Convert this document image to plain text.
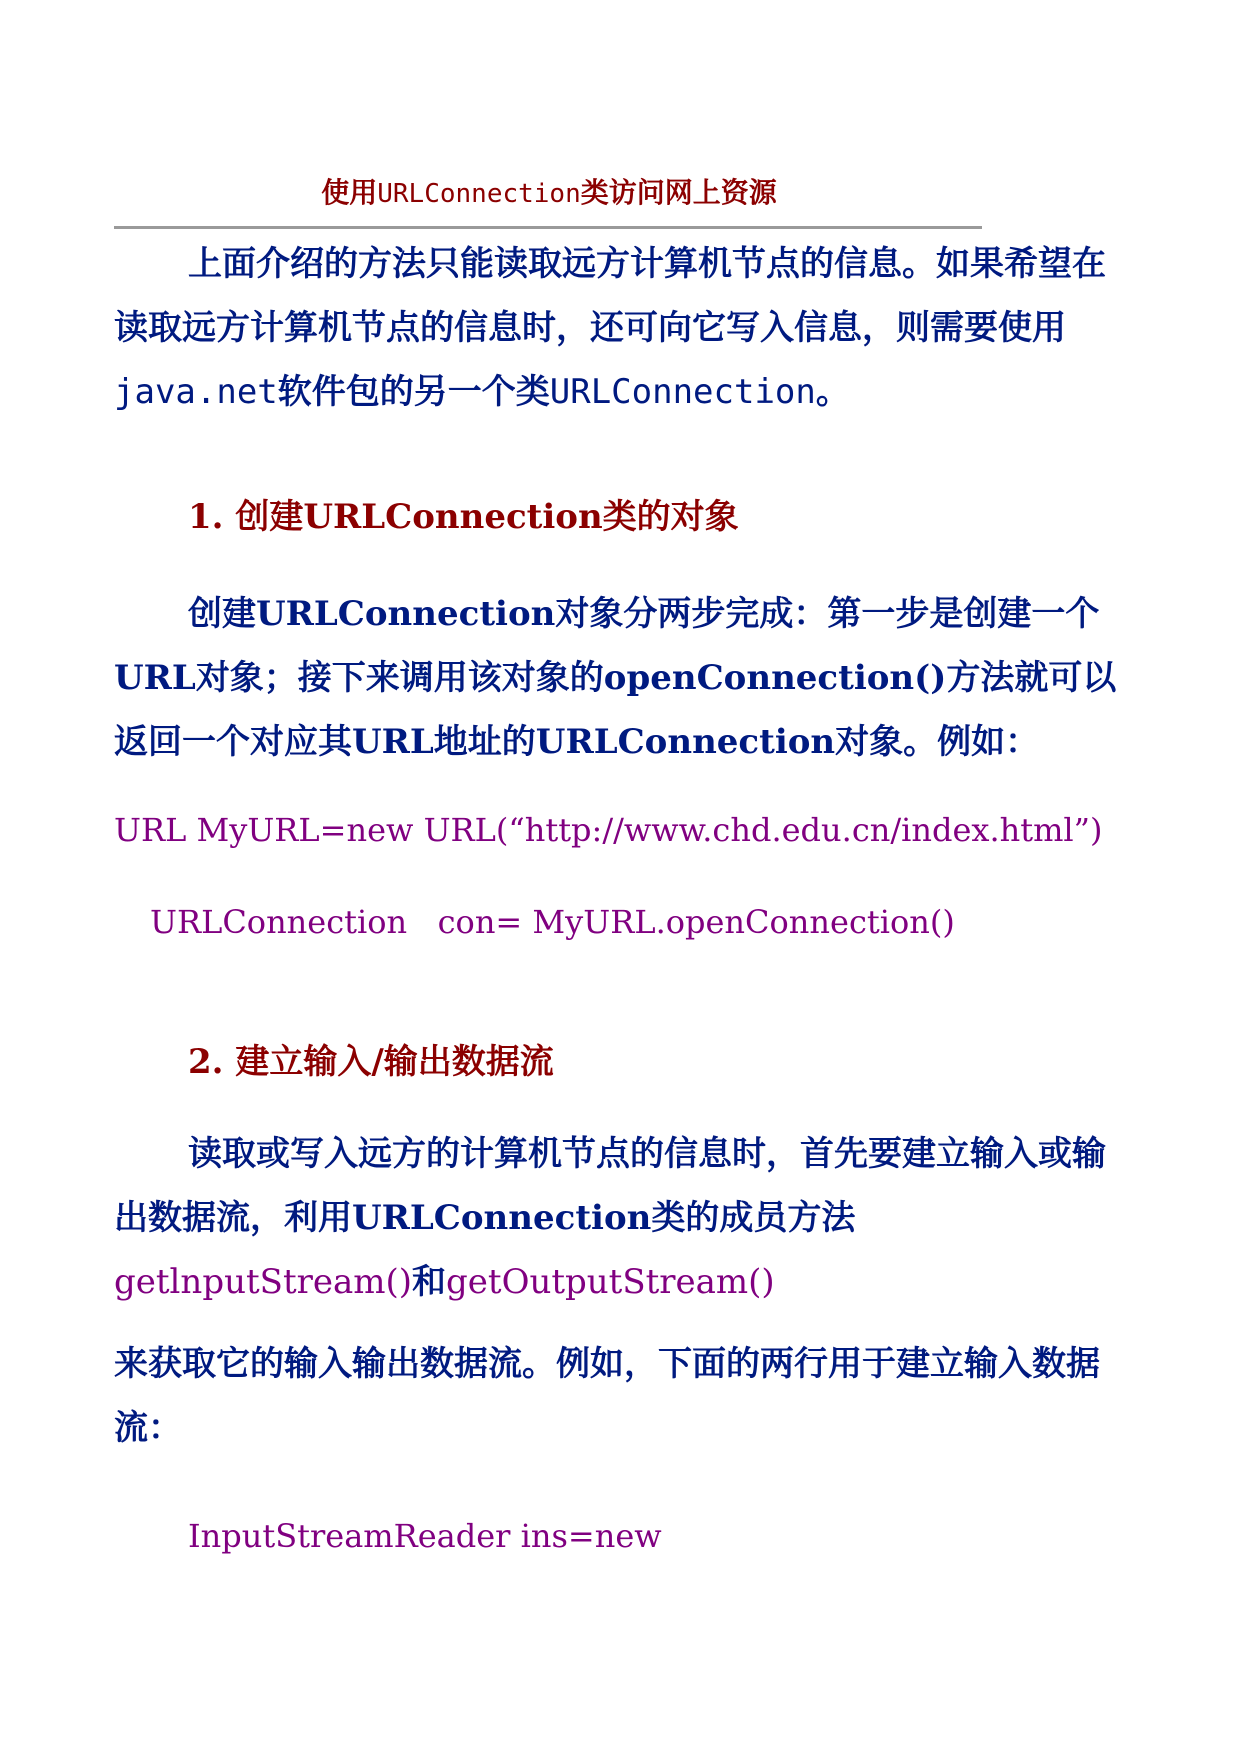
使用URLConnection类访问网上资源
上面介绍的方法只能读取远方计算机节点的信息。如果希望在读取远方计算机节点的信息时，还可向它写入信息，则需要使用java.net软件包的另一个类URLConnection。
1. 创建URLConnection类的对象
创建URLConnection对象分两步完成：第一步是创建一个URL对象；接下来调用该对象的openConnection()方法就可以返回一个对应其URL地址的URLConnection对象。例如：
URL MyURL=new URL(“http://www.chd.edu.cn/index.html”)
URLConnection   con= MyURL.openConnection()
2. 建立输入/输出数据流
读取或写入远方的计算机节点的信息时，首先要建立输入或输出数据流，利用URLConnection类的成员方法
getlnputStream()和getOutputStream()
来获取它的输入输出数据流。例如，下面的两行用于建立输入数据流：
InputStreamReader ins=new
